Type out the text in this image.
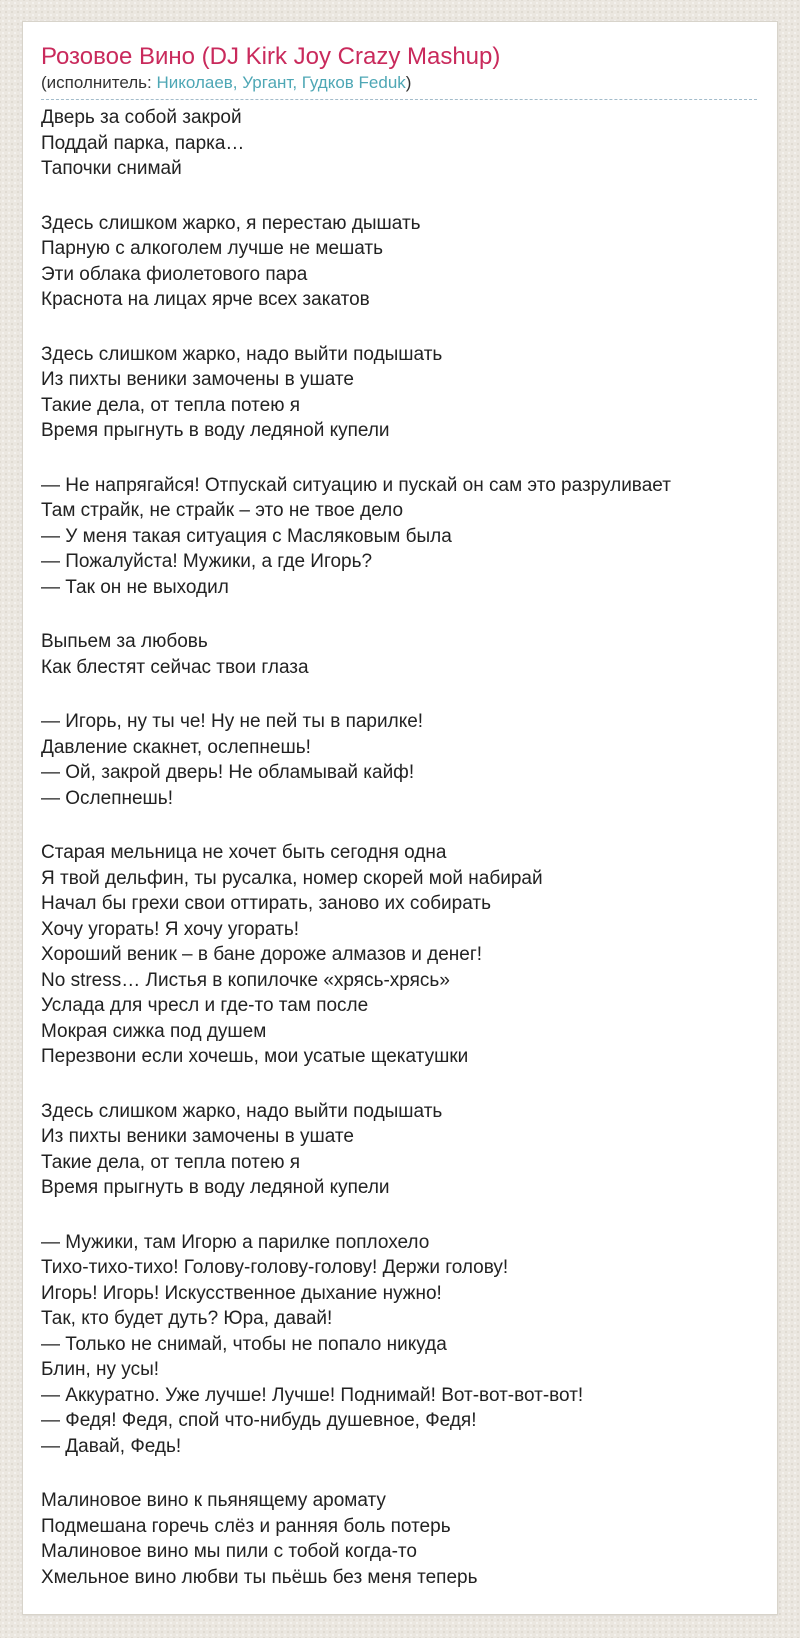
Розовое Вино (DJ Kirk Joy Crazy Mashup)
(исполнитель: Николаев, Ургант, Гудков Feduk)

Дверь за собой закрой
Поддай парка, парка…
Тапочки снимай

Здесь слишком жарко, я перестаю дышать
Парную с алкоголем лучше не мешать
Эти облака фиолетового пара
Краснота на лицах ярче всех закатов

Здесь слишком жарко, надо выйти подышать
Из пихты веники замочены в ушате
Такие дела, от тепла потею я
Время прыгнуть в воду ледяной купели

— Не напрягайся! Отпускай ситуацию и пускай он сам это разруливает
Там страйк, не страйк – это не твое дело
— У меня такая ситуация с Масляковым была
— Пожалуйста! Мужики, а где Игорь?
— Так он не выходил

Выпьем за любовь
Как блестят сейчас твои глаза

— Игорь, ну ты че! Ну не пей ты в парилке!
Давление скакнет, ослепнешь!
— Ой, закрой дверь! Не обламывай кайф!
— Ослепнешь!

Старая мельница не хочет быть сегодня одна
Я твой дельфин, ты русалка, номер скорей мой набирай
Начал бы грехи свои оттирать, заново их собирать
Хочу угорать! Я хочу угорать!
Хороший веник – в бане дороже алмазов и денег!
No stress… Листья в копилочке «хрясь-хрясь»
Услада для чресл и где-то там после
Мокрая сижка под душем
Перезвони если хочешь, мои усатые щекатушки

Здесь слишком жарко, надо выйти подышать
Из пихты веники замочены в ушате
Такие дела, от тепла потею я
Время прыгнуть в воду ледяной купели

— Мужики, там Игорю а парилке поплохело
Тихо-тихо-тихо! Голову-голову-голову! Держи голову!
Игорь! Игорь! Искусственное дыхание нужно!
Так, кто будет дуть? Юра, давай!
— Только не снимай, чтобы не попало никуда
Блин, ну усы!
— Аккуратно. Уже лучше! Лучше! Поднимай! Вот-вот-вот-вот!
— Федя! Федя, спой что-нибудь душевное, Федя!
— Давай, Федь!

Малиновое вино к пьянящему аромату
Подмешана горечь слёз и ранняя боль потерь
Малиновое вино мы пили с тобой когда-то
Хмельное вино любви ты пьёшь без меня теперь
